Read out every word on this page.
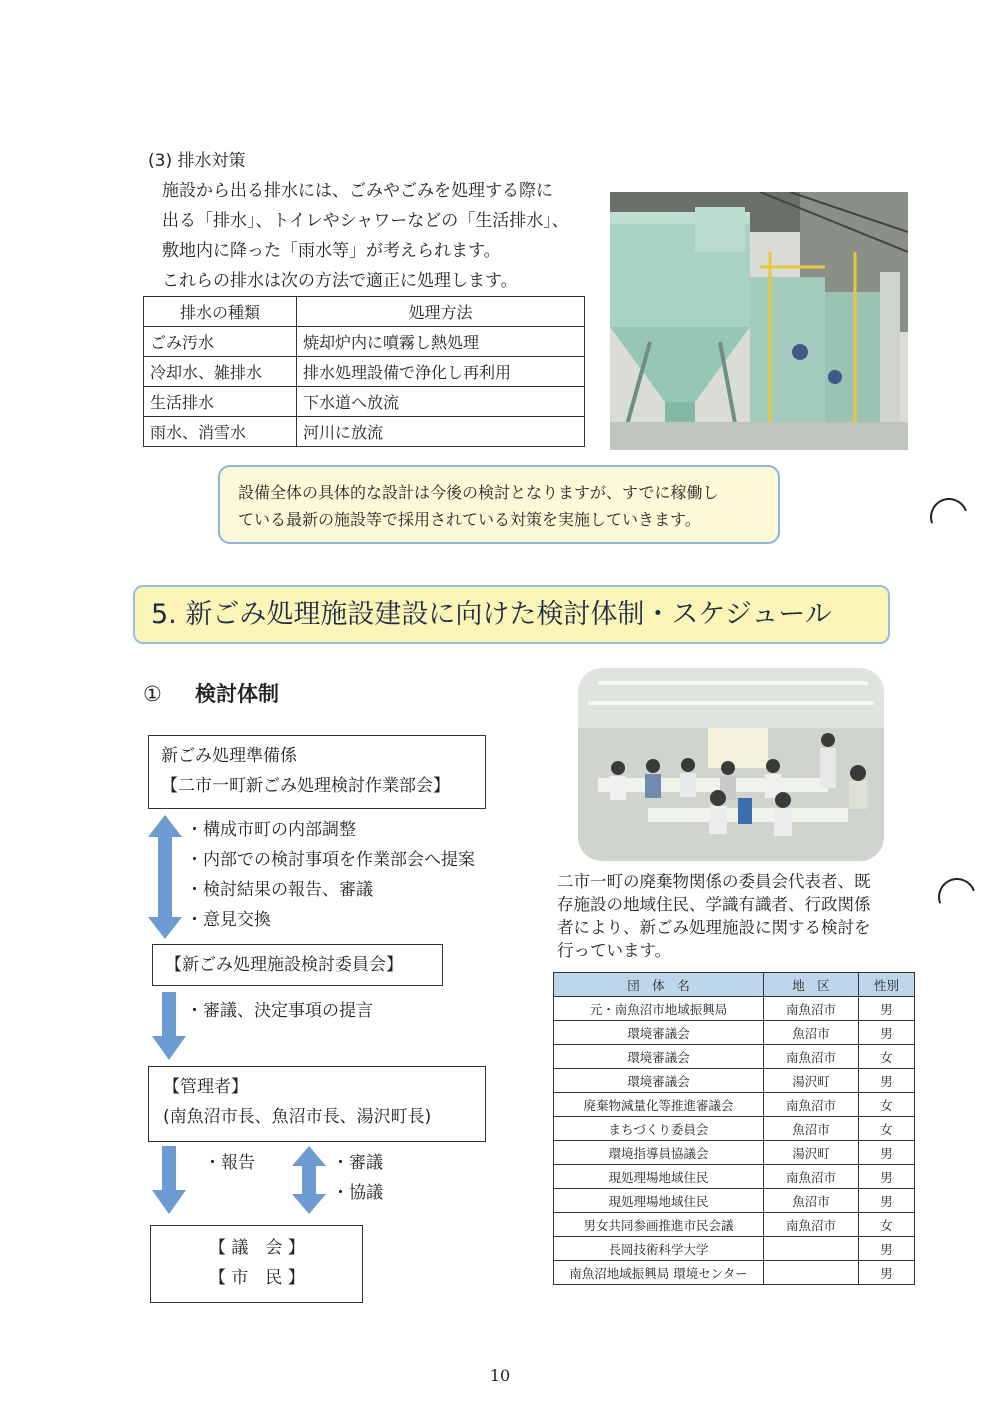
(3) 排水対策
施設から出る排水には、ごみやごみを処理する際に
出る「排水」、トイレやシャワーなどの「生活排水」、
敷地内に降った「雨水等」が考えられます。
これらの排水は次の方法で適正に処理します。
排水の種類	処理方法
ごみ汚水	焼却炉内に噴霧し熱処理
冷却水、雑排水	排水処理設備で浄化し再利用
生活排水	下水道へ放流
雨水、消雪水	河川に放流
設備全体の具体的な設計は今後の検討となりますが、すでに稼働し
ている最新の施設等で採用されている対策を実施していきます。
5. 新ごみ処理施設建設に向けた検討体制・スケジュール
① 検討体制
新ごみ処理準備係
【二市一町新ごみ処理検討作業部会】
・構成市町の内部調整
・内部での検討事項を作業部会へ提案
・検討結果の報告、審議
・意見交換
【新ごみ処理施設検討委員会】
・審議、決定事項の提言
【管理者】
(南魚沼市長、魚沼市長、湯沢町長)
・報告	・審議
・協議
【 議　会 】
【 市　民 】
二市一町の廃棄物関係の委員会代表者、既
存施設の地域住民、学識有識者、行政関係
者により、新ごみ処理施設に関する検討を
行っています。
団　体　名	地　区	性別
元・南魚沼市地域振興局	南魚沼市	男
環境審議会	魚沼市	男
環境審議会	南魚沼市	女
環境審議会	湯沢町	男
廃棄物減量化等推進審議会	南魚沼市	女
まちづくり委員会	魚沼市	女
環境指導員協議会	湯沢町	男
現処理場地域住民	南魚沼市	男
現処理場地域住民	魚沼市	男
男女共同参画推進市民会議	南魚沼市	女
長岡技術科学大学		男
南魚沼地域振興局 環境センター		男
10
